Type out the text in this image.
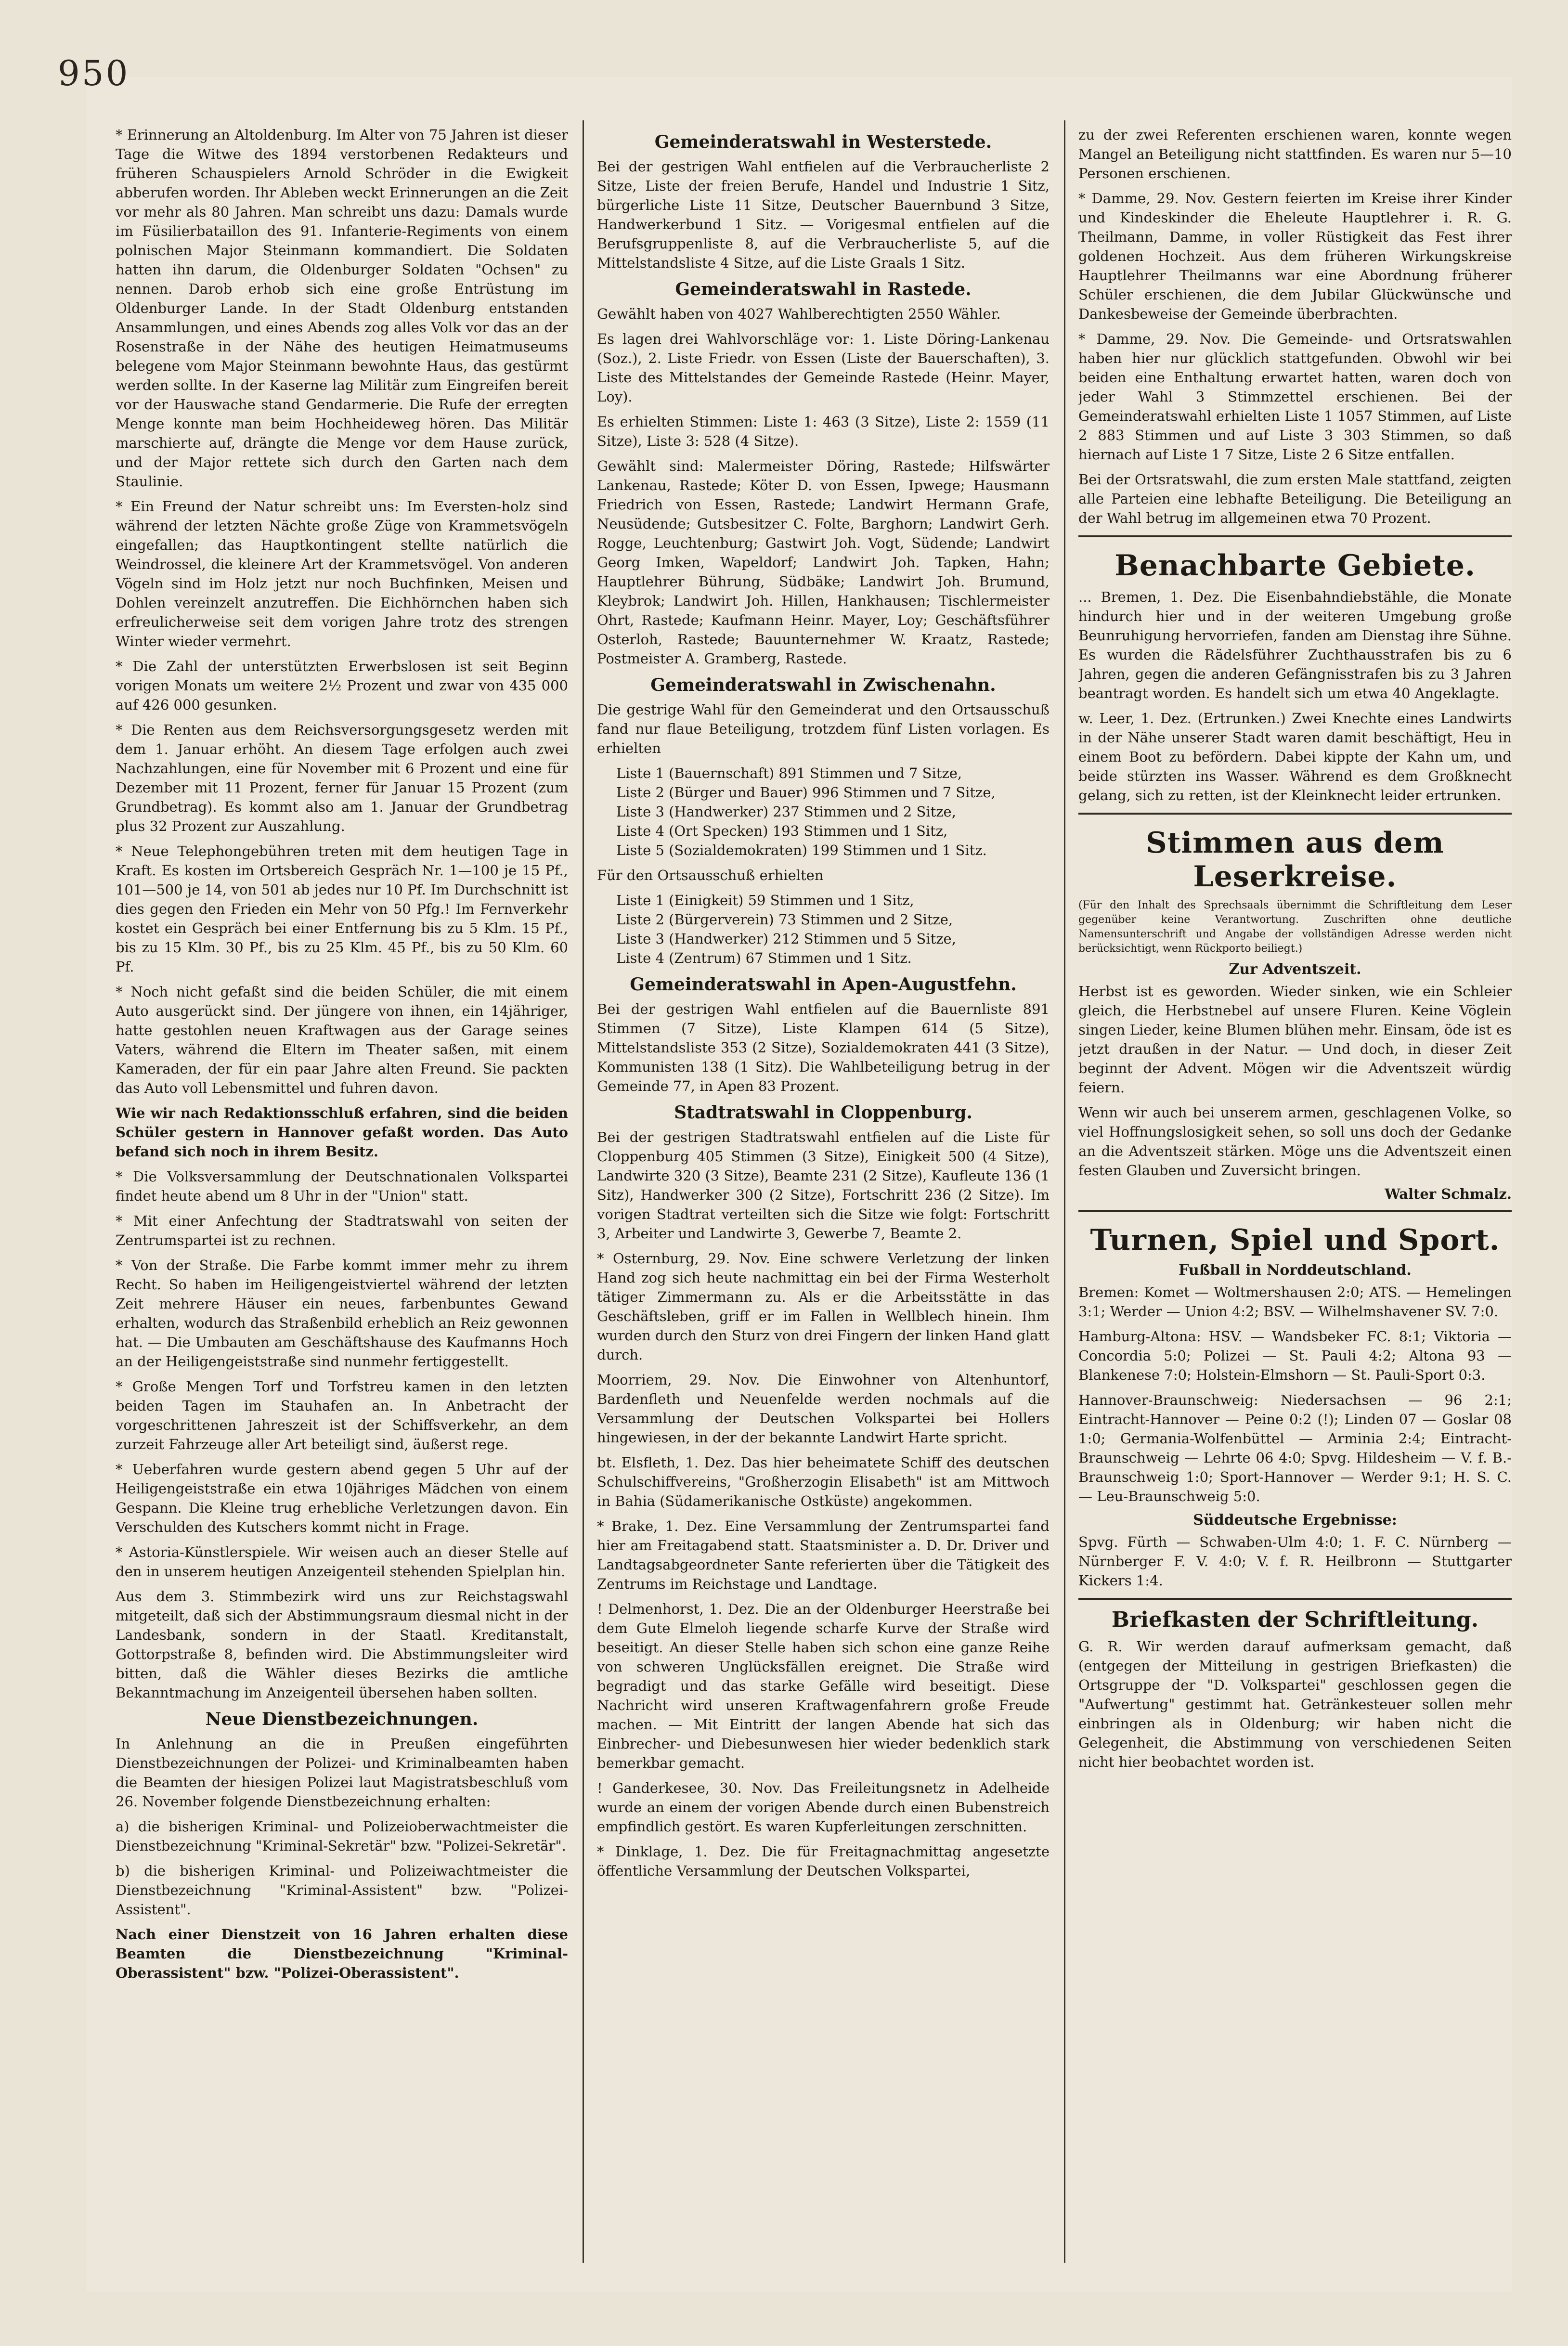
950

* Erinnerung an Altoldenburg. Im Alter von 75 Jahren ist dieser Tage die Witwe des 1894 verstorbenen Redakteurs und früheren Schauspielers Arnold Schröder in die Ewigkeit abberufen worden. Ihr Ableben weckt Erinnerungen an die Zeit vor mehr als 80 Jahren. Man schreibt uns dazu: Damals wurde im Füsilierbataillon des 91. Infanterie-Regiments von einem polnischen Major Steinmann kommandiert. Die Soldaten hatten ihn darum, die Oldenburger Soldaten "Ochsen" zu nennen. Darob erhob sich eine große Entrüstung im Oldenburger Lande. In der Stadt Oldenburg entstanden Ansammlungen, und eines Abends zog alles Volk vor das an der Rosenstraße in der Nähe des heutigen Heimatmuseums belegene vom Major Steinmann bewohnte Haus, das gestürmt werden sollte. In der Kaserne lag Militär zum Eingreifen bereit vor der Hauswache stand Gendarmerie. Die Rufe der erregten Menge konnte man beim Hochheideweg hören. Das Militär marschierte auf, drängte die Menge vor dem Hause zurück, und der Major rettete sich durch den Garten nach dem Staulinie.

* Ein Freund der Natur schreibt uns: Im Eversten-holz sind während der letzten Nächte große Züge von Krammetsvögeln eingefallen; das Hauptkontingent stellte natürlich die Weindrossel, die kleinere Art der Krammetsvögel. Von anderen Vögeln sind im Holz jetzt nur noch Buchfinken, Meisen und Dohlen vereinzelt anzutreffen. Die Eichhörnchen haben sich erfreulicherweise seit dem vorigen Jahre trotz des strengen Winter wieder vermehrt.

* Die Zahl der unterstützten Erwerbslosen ist seit Beginn vorigen Monats um weitere 2½ Prozent und zwar von 435 000 auf 426 000 gesunken.

* Die Renten aus dem Reichsversorgungsgesetz werden mit dem 1. Januar erhöht. An diesem Tage erfolgen auch zwei Nachzahlungen, eine für November mit 6 Prozent und eine für Dezember mit 11 Prozent, ferner für Januar 15 Prozent (zum Grundbetrag). Es kommt also am 1. Januar der Grundbetrag plus 32 Prozent zur Auszahlung.

* Neue Telephongebühren treten mit dem heutigen Tage in Kraft. Es kosten im Ortsbereich Gespräch Nr. 1—100 je 15 Pf., 101—500 je 14, von 501 ab jedes nur 10 Pf. Im Durchschnitt ist dies gegen den Frieden ein Mehr von 50 Pfg.! Im Fernverkehr kostet ein Gespräch bei einer Entfernung bis zu 5 Klm. 15 Pf., bis zu 15 Klm. 30 Pf., bis zu 25 Klm. 45 Pf., bis zu 50 Klm. 60 Pf.

* Noch nicht gefaßt sind die beiden Schüler, die mit einem Auto ausgerückt sind. Der jüngere von ihnen, ein 14jähriger, hatte gestohlen neuen Kraftwagen aus der Garage seines Vaters, während die Eltern im Theater saßen, mit einem Kameraden, der für ein paar Jahre alten Freund. Sie packten das Auto voll Lebensmittel und fuhren davon.

Wie wir nach Redaktionsschluß erfahren, sind die beiden Schüler gestern in Hannover gefaßt worden. Das Auto befand sich noch in ihrem Besitz.

* Die Volksversammlung der Deutschnationalen Volkspartei findet heute abend um 8 Uhr in der "Union" statt.

* Mit einer Anfechtung der Stadtratswahl von seiten der Zentrumspartei ist zu rechnen.

* Von der Straße. Die Farbe kommt immer mehr zu ihrem Recht. So haben im Heiligengeistviertel während der letzten Zeit mehrere Häuser ein neues, farbenbuntes Gewand erhalten, wodurch das Straßenbild erheblich an Reiz gewonnen hat. — Die Umbauten am Geschäftshause des Kaufmanns Hoch an der Heiligengeiststraße sind nunmehr fertiggestellt.

* Große Mengen Torf und Torfstreu kamen in den letzten beiden Tagen im Stauhafen an. In Anbetracht der vorgeschrittenen Jahreszeit ist der Schiffsverkehr, an dem zurzeit Fahrzeuge aller Art beteiligt sind, äußerst rege.

* Ueberfahren wurde gestern abend gegen 5 Uhr auf der Heiligengeiststraße ein etwa 10jähriges Mädchen von einem Gespann. Die Kleine trug erhebliche Verletzungen davon. Ein Verschulden des Kutschers kommt nicht in Frage.

* Astoria-Künstlerspiele. Wir weisen auch an dieser Stelle auf den in unserem heutigen Anzeigenteil stehenden Spielplan hin.

Aus dem 3. Stimmbezirk wird uns zur Reichstagswahl mitgeteilt, daß sich der Abstimmungsraum diesmal nicht in der Landesbank, sondern in der Staatl. Kreditanstalt, Gottorpstraße 8, befinden wird. Die Abstimmungsleiter wird bitten, daß die Wähler dieses Bezirks die amtliche Bekanntmachung im Anzeigenteil übersehen haben sollten.

Neue Dienstbezeichnungen.

In Anlehnung an die in Preußen eingeführten Dienstbezeichnungen der Polizei- und Kriminalbeamten haben die Beamten der hiesigen Polizei laut Magistratsbeschluß vom 26. November folgende Dienstbezeichnung erhalten:

a) die bisherigen Kriminal- und Polizeioberwachtmeister die Dienstbezeichnung "Kriminal-Sekretär" bzw. "Polizei-Sekretär".

b) die bisherigen Kriminal- und Polizeiwachtmeister die Dienstbezeichnung "Kriminal-Assistent" bzw. "Polizei-Assistent".

Nach einer Dienstzeit von 16 Jahren erhalten diese Beamten die Dienstbezeichnung "Kriminal-Oberassistent" bzw. "Polizei-Oberassistent".

Gemeinderatswahl in Westerstede.

Bei der gestrigen Wahl entfielen auf die Verbraucherliste 2 Sitze, Liste der freien Berufe, Handel und Industrie 1 Sitz, bürgerliche Liste 11 Sitze, Deutscher Bauernbund 3 Sitze, Handwerkerbund 1 Sitz. — Vorigesmal entfielen auf die Berufsgruppenliste 8, auf die Verbraucherliste 5, auf die Mittelstandsliste 4 Sitze, auf die Liste Graals 1 Sitz.

Gemeinderatswahl in Rastede.

Gewählt haben von 4027 Wahlberechtigten 2550 Wähler.

Es lagen drei Wahlvorschläge vor: 1. Liste Döring-Lankenau (Soz.), 2. Liste Friedr. von Essen (Liste der Bauerschaften), 3. Liste des Mittelstandes der Gemeinde Rastede (Heinr. Mayer, Loy).

Es erhielten Stimmen: Liste 1: 463 (3 Sitze), Liste 2: 1559 (11 Sitze), Liste 3: 528 (4 Sitze).

Gewählt sind: Malermeister Döring, Rastede; Hilfswärter Lankenau, Rastede; Köter D. von Essen, Ipwege; Hausmann Friedrich von Essen, Rastede; Landwirt Hermann Grafe, Neusüdende; Gutsbesitzer C. Folte, Barghorn; Landwirt Gerh. Rogge, Leuchtenburg; Gastwirt Joh. Vogt, Südende; Landwirt Georg Imken, Wapeldorf; Landwirt Joh. Tapken, Hahn; Hauptlehrer Bührung, Südbäke; Landwirt Joh. Brumund, Kleybrok; Landwirt Joh. Hillen, Hankhausen; Tischlermeister Ohrt, Rastede; Kaufmann Heinr. Mayer, Loy; Geschäftsführer Osterloh, Rastede; Bauunternehmer W. Kraatz, Rastede; Postmeister A. Gramberg, Rastede.

Gemeinderatswahl in Zwischenahn.

Die gestrige Wahl für den Gemeinderat und den Ortsausschuß fand nur flaue Beteiligung, trotzdem fünf Listen vorlagen. Es erhielten

Liste 1 (Bauernschaft) 891 Stimmen und 7 Sitze,
Liste 2 (Bürger und Bauer) 996 Stimmen und 7 Sitze,
Liste 3 (Handwerker) 237 Stimmen und 2 Sitze,
Liste 4 (Ort Specken) 193 Stimmen und 1 Sitz,
Liste 5 (Sozialdemokraten) 199 Stimmen und 1 Sitz.

Für den Ortsausschuß erhielten

Liste 1 (Einigkeit) 59 Stimmen und 1 Sitz,
Liste 2 (Bürgerverein) 73 Stimmen und 2 Sitze,
Liste 3 (Handwerker) 212 Stimmen und 5 Sitze,
Liste 4 (Zentrum) 67 Stimmen und 1 Sitz.
Gemeinderatswahl in Apen-Augustfehn.

Bei der gestrigen Wahl entfielen auf die Bauernliste 891 Stimmen (7 Sitze), Liste Klampen 614 (5 Sitze), Mittelstandsliste 353 (2 Sitze), Sozialdemokraten 441 (3 Sitze), Kommunisten 138 (1 Sitz). Die Wahlbeteiligung betrug in der Gemeinde 77, in Apen 83 Prozent.

Stadtratswahl in Cloppenburg.

Bei der gestrigen Stadtratswahl entfielen auf die Liste für Cloppenburg 405 Stimmen (3 Sitze), Einigkeit 500 (4 Sitze), Landwirte 320 (3 Sitze), Beamte 231 (2 Sitze), Kaufleute 136 (1 Sitz), Handwerker 300 (2 Sitze), Fortschritt 236 (2 Sitze). Im vorigen Stadtrat verteilten sich die Sitze wie folgt: Fortschritt 3, Arbeiter und Landwirte 3, Gewerbe 7, Beamte 2.

* Osternburg, 29. Nov. Eine schwere Verletzung der linken Hand zog sich heute nachmittag ein bei der Firma Westerholt tätiger Zimmermann zu. Als er die Arbeitsstätte in das Geschäftsleben, griff er im Fallen in Wellblech hinein. Ihm wurden durch den Sturz von drei Fingern der linken Hand glatt durch.

Moorriem, 29. Nov. Die Einwohner von Altenhuntorf, Bardenfleth und Neuenfelde werden nochmals auf die Versammlung der Deutschen Volkspartei bei Hollers hingewiesen, in der der bekannte Landwirt Harte spricht.

bt. Elsfleth, 1. Dez. Das hier beheimatete Schiff des deutschen Schulschiffvereins, "Großherzogin Elisabeth" ist am Mittwoch in Bahia (Südamerikanische Ostküste) angekommen.

* Brake, 1. Dez. Eine Versammlung der Zentrumspartei fand hier am Freitagabend statt. Staatsminister a. D. Dr. Driver und Landtagsabgeordneter Sante referierten über die Tätigkeit des Zentrums im Reichstage und Landtage.

! Delmenhorst, 1. Dez. Die an der Oldenburger Heerstraße bei dem Gute Elmeloh liegende scharfe Kurve der Straße wird beseitigt. An dieser Stelle haben sich schon eine ganze Reihe von schweren Unglücksfällen ereignet. Die Straße wird begradigt und das starke Gefälle wird beseitigt. Diese Nachricht wird unseren Kraftwagenfahrern große Freude machen. — Mit Eintritt der langen Abende hat sich das Einbrecher- und Diebesunwesen hier wieder bedenklich stark bemerkbar gemacht.

! Ganderkesee, 30. Nov. Das Freileitungsnetz in Adelheide wurde an einem der vorigen Abende durch einen Bubenstreich empfindlich gestört. Es waren Kupferleitungen zerschnitten.

* Dinklage, 1. Dez. Die für Freitagnachmittag angesetzte öffentliche Versammlung der Deutschen Volkspartei,

zu der zwei Referenten erschienen waren, konnte wegen Mangel an Beteiligung nicht stattfinden. Es waren nur 5—10 Personen erschienen.

* Damme, 29. Nov. Gestern feierten im Kreise ihrer Kinder und Kindeskinder die Eheleute Hauptlehrer i. R. G. Theilmann, Damme, in voller Rüstigkeit das Fest ihrer goldenen Hochzeit. Aus dem früheren Wirkungskreise Hauptlehrer Theilmanns war eine Abordnung früherer Schüler erschienen, die dem Jubilar Glückwünsche und Dankesbeweise der Gemeinde überbrachten.

* Damme, 29. Nov. Die Gemeinde- und Ortsratswahlen haben hier nur glücklich stattgefunden. Obwohl wir bei beiden eine Enthaltung erwartet hatten, waren doch von jeder Wahl 3 Stimmzettel erschienen. Bei der Gemeinderatswahl erhielten Liste 1 1057 Stimmen, auf Liste 2 883 Stimmen und auf Liste 3 303 Stimmen, so daß hiernach auf Liste 1 7 Sitze, Liste 2 6 Sitze entfallen.

Bei der Ortsratswahl, die zum ersten Male stattfand, zeigten alle Parteien eine lebhafte Beteiligung. Die Beteiligung an der Wahl betrug im allgemeinen etwa 70 Prozent.

Benachbarte Gebiete.

... Bremen, 1. Dez. Die Eisenbahndiebstähle, die Monate hindurch hier und in der weiteren Umgebung große Beunruhigung hervorriefen, fanden am Dienstag ihre Sühne. Es wurden die Rädelsführer Zuchthausstrafen bis zu 6 Jahren, gegen die anderen Gefängnisstrafen bis zu 3 Jahren beantragt worden. Es handelt sich um etwa 40 Angeklagte.

w. Leer, 1. Dez. (Ertrunken.) Zwei Knechte eines Landwirts in der Nähe unserer Stadt waren damit beschäftigt, Heu in einem Boot zu befördern. Dabei kippte der Kahn um, und beide stürzten ins Wasser. Während es dem Großknecht gelang, sich zu retten, ist der Kleinknecht leider ertrunken.

Stimmen aus dem Leserkreise.

(Für den Inhalt des Sprechsaals übernimmt die Schriftleitung dem Leser gegenüber keine Verantwortung. Zuschriften ohne deutliche Namensunterschrift und Angabe der vollständigen Adresse werden nicht berücksichtigt, wenn Rückporto beiliegt.)

Zur Adventszeit.

Herbst ist es geworden. Wieder sinken, wie ein Schleier gleich, die Herbstnebel auf unsere Fluren. Keine Vöglein singen Lieder, keine Blumen blühen mehr. Einsam, öde ist es jetzt draußen in der Natur. — Und doch, in dieser Zeit beginnt der Advent. Mögen wir die Adventszeit würdig feiern.

Wenn wir auch bei unserem armen, geschlagenen Volke, so viel Hoffnungslosigkeit sehen, so soll uns doch der Gedanke an die Adventszeit stärken. Möge uns die Adventszeit einen festen Glauben und Zuversicht bringen.

Walter Schmalz.
Turnen, Spiel und Sport.
Fußball in Norddeutschland.

Bremen: Komet — Woltmershausen 2:0; ATS. — Hemelingen 3:1; Werder — Union 4:2; BSV. — Wilhelmshavener SV. 7:0.

Hamburg-Altona: HSV. — Wandsbeker FC. 8:1; Viktoria — Concordia 5:0; Polizei — St. Pauli 4:2; Altona 93 — Blankenese 7:0; Holstein-Elmshorn — St. Pauli-Sport 0:3.

Hannover-Braunschweig: Niedersachsen — 96 2:1; Eintracht-Hannover — Peine 0:2 (!); Linden 07 — Goslar 08 1:0; Germania-Wolfenbüttel — Arminia 2:4; Eintracht-Braunschweig — Lehrte 06 4:0; Spvg. Hildesheim — V. f. B.-Braunschweig 1:0; Sport-Hannover — Werder 9:1; H. S. C. — Leu-Braunschweig 5:0.

Süddeutsche Ergebnisse:

Spvg. Fürth — Schwaben-Ulm 4:0; 1. F. C. Nürnberg — Nürnberger F. V. 4:0; V. f. R. Heilbronn — Stuttgarter Kickers 1:4.

Briefkasten der Schriftleitung.

G. R. Wir werden darauf aufmerksam gemacht, daß (entgegen der Mitteilung in gestrigen Briefkasten) die Ortsgruppe der "D. Volkspartei" geschlossen gegen die "Aufwertung" gestimmt hat. Getränkesteuer sollen mehr einbringen als in Oldenburg; wir haben nicht die Gelegenheit, die Abstimmung von verschiedenen Seiten nicht hier beobachtet worden ist.
